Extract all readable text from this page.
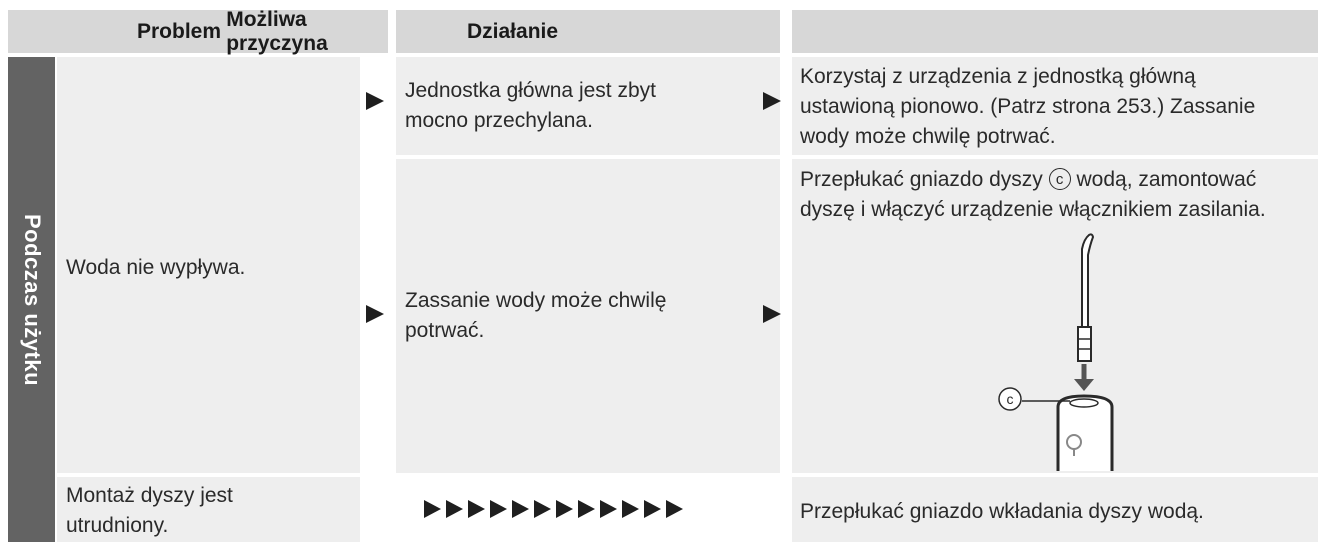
Problem
Możliwa przyczyna
Działanie
Podczas użytku Woda nie wypływa.
Montaż dyszy jest utrudniony.
Jednostka główna jest zbyt mocno przechylana.
Zassanie wody może chwilę potrwać.
Korzystaj z urządzenia z jednostką główną ustawioną pionowo. (Patrz strona 253.) Zassanie wody może chwilę potrwać.
Przepłukać gniazdo dyszy c wodą, zamontować dyszę i włączyć urządzenie włącznikiem zasilania.
c
Przepłukać gniazdo wkładania dyszy wodą.
